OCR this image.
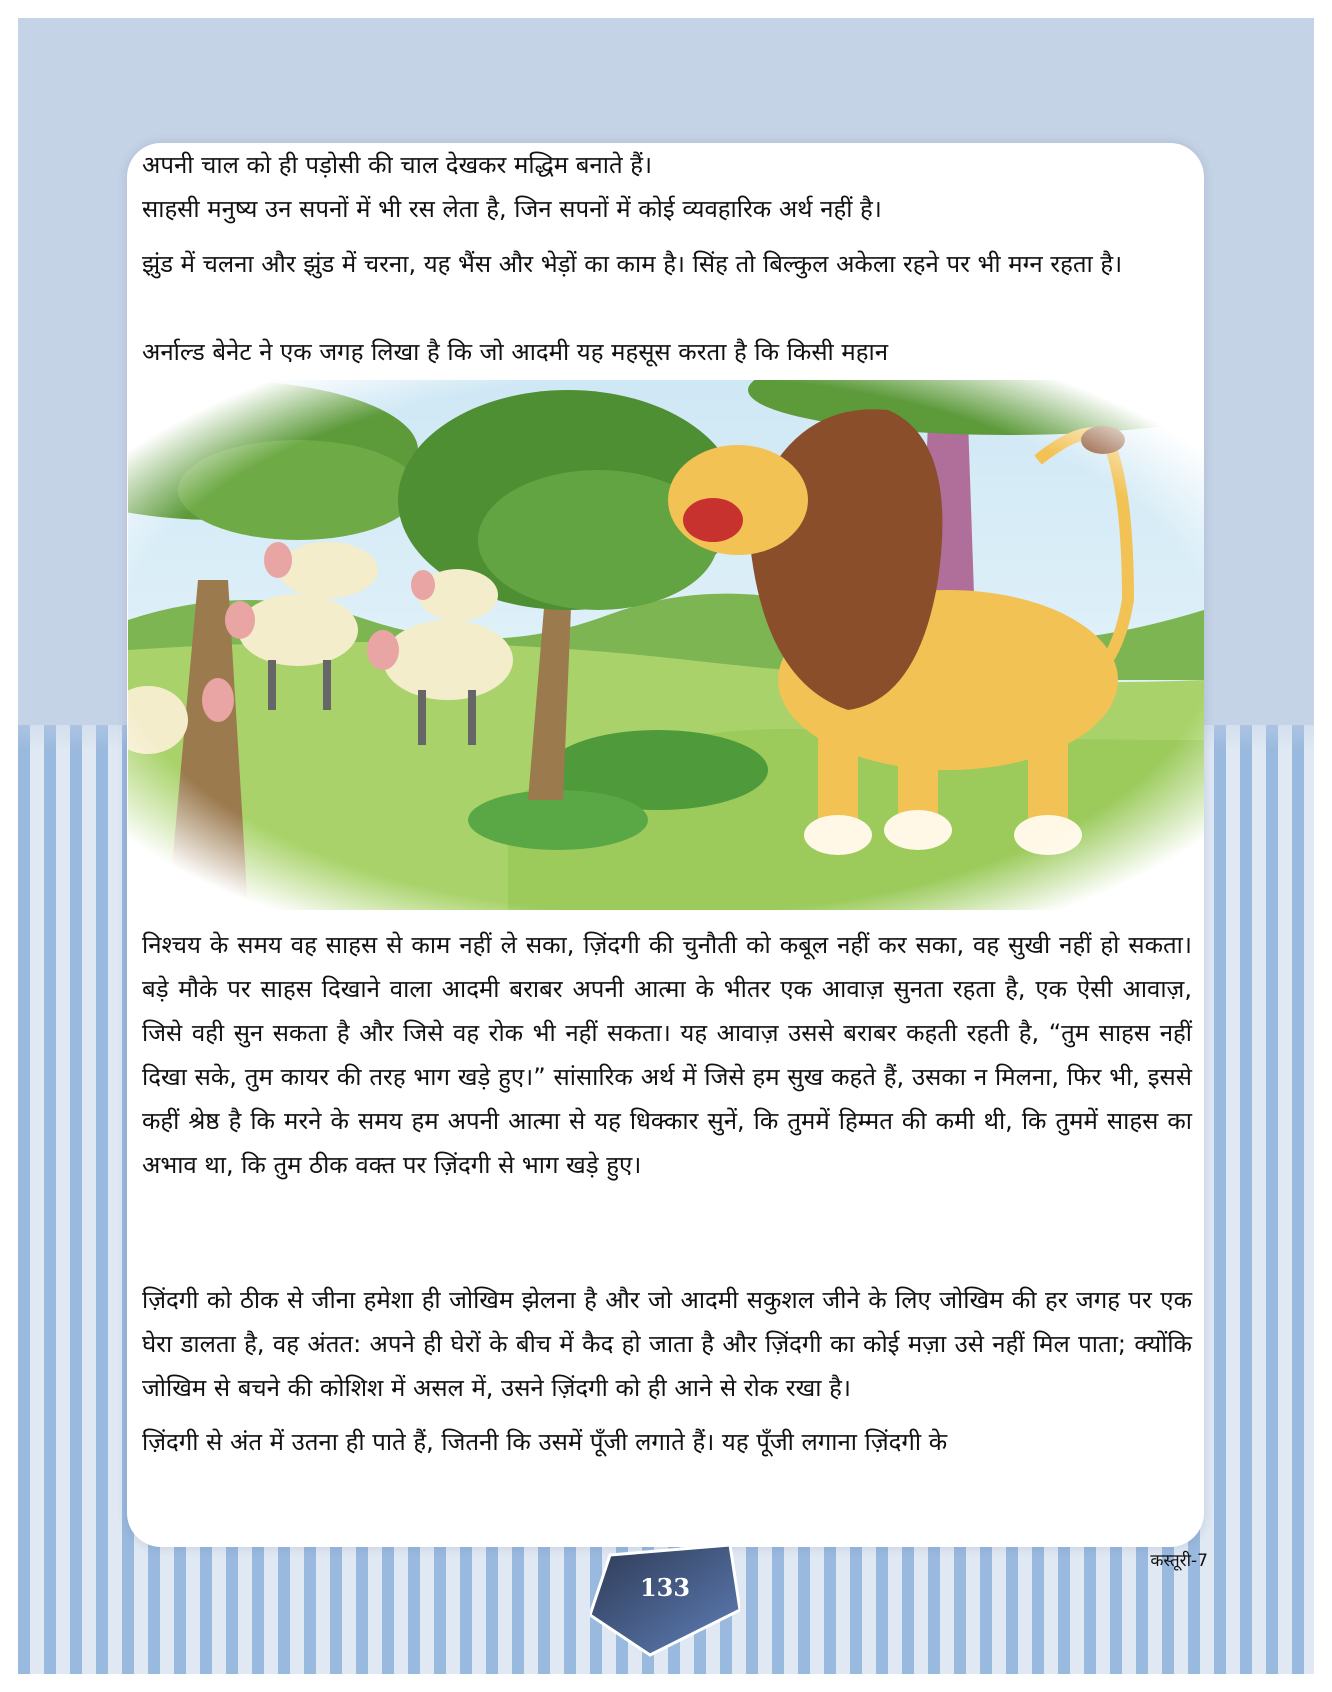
अपनी चाल को ही पड़ोसी की चाल देखकर मद्धिम बनाते हैं।

साहसी मनुष्य उन सपनों में भी रस लेता है, जिन सपनों में कोई व्यवहारिक अर्थ नहीं है।

झुंड में चलना और झुंड में चरना, यह भैंस और भेड़ों का काम है। सिंह तो बिल्कुल अकेला रहने पर भी मग्न रहता है।

अर्नाल्ड बेनेट ने एक जगह लिखा है कि जो आदमी यह महसूस करता है कि किसी महान

निश्चय के समय वह साहस से काम नहीं ले सका, ज़िंदगी की चुनौती को कबूल नहीं कर सका, वह सुखी नहीं हो सकता। बड़े मौके पर साहस दिखाने वाला आदमी बराबर अपनी आत्मा के भीतर एक आवाज़ सुनता रहता है, एक ऐसी आवाज़, जिसे वही सुन सकता है और जिसे वह रोक भी नहीं सकता। यह आवाज़ उससे बराबर कहती रहती है, “तुम साहस नहीं दिखा सके, तुम कायर की तरह भाग खड़े हुए।” सांसारिक अर्थ में जिसे हम सुख कहते हैं, उसका न मिलना, फिर भी, इससे कहीं श्रेष्ठ है कि मरने के समय हम अपनी आत्मा से यह धिक्कार सुनें, कि तुममें हिम्मत की कमी थी, कि तुममें साहस का अभाव था, कि तुम ठीक वक्त पर ज़िंदगी से भाग खड़े हुए।

ज़िंदगी को ठीक से जीना हमेशा ही जोखिम झेलना है और जो आदमी सकुशल जीने के लिए जोखिम की हर जगह पर एक घेरा डालता है, वह अंतत: अपने ही घेरों के बीच में कैद हो जाता है और ज़िंदगी का कोई मज़ा उसे नहीं मिल पाता; क्योंकि जोखिम से बचने की कोशिश में असल में, उसने ज़िंदगी को ही आने से रोक रखा है।

ज़िंदगी से अंत में उतना ही पाते हैं, जितनी कि उसमें पूँजी लगाते हैं। यह पूँजी लगाना ज़िंदगी के

कस्तूरी-7
133
